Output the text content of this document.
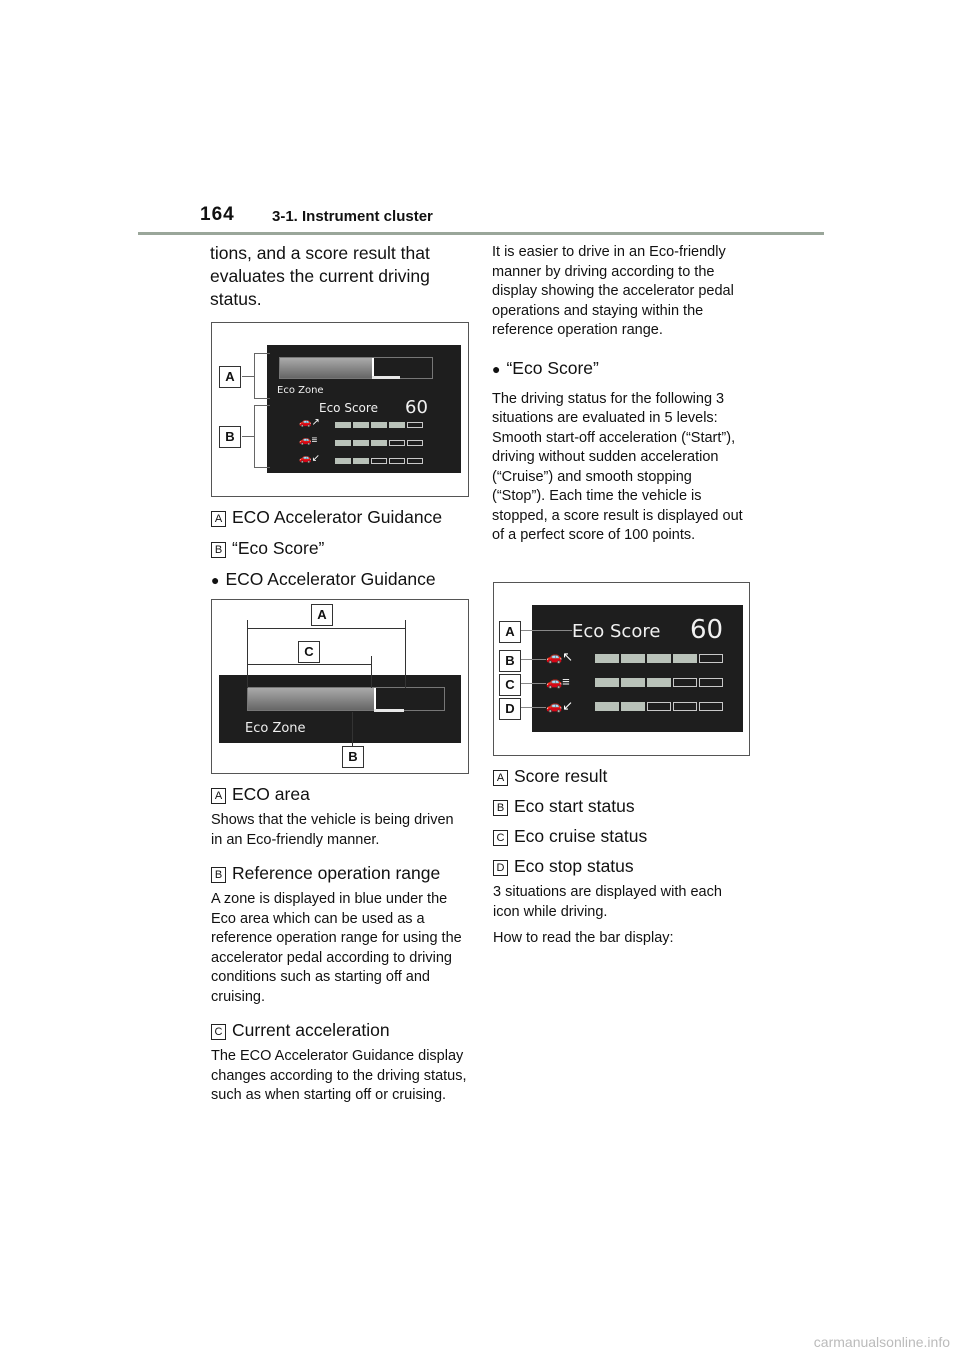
164 3-1. Instrument cluster

tions, and a score result that evaluates the current driving status.

Eco Zone
Eco Score 60
🚗↗
🚗≡
🚗↙
A
B

A ECO Accelerator Guidance

B “Eco Score”

● ECO Accelerator Guidance

Eco Zone
A
C
B

A ECO area

Shows that the vehicle is being driven in an Eco-friendly manner.

B Reference operation range

A zone is displayed in blue under the Eco area which can be used as a reference operation range for using the accelerator pedal according to driving conditions such as starting off and cruising.

C Current acceleration

The ECO Accelerator Guidance display changes according to the driving status, such as when starting off or cruising.

It is easier to drive in an Eco-friendly manner by driving according to the display showing the accelerator pedal operations and staying within the reference operation range.

● “Eco Score”

The driving status for the following 3 situations are evaluated in 5 levels: Smooth start-off acceleration (“Start”), driving without sudden acceleration (“Cruise”) and smooth stopping (“Stop”). Each time the vehicle is stopped, a score result is displayed out of a perfect score of 100 points.

Eco Score 60
🚗↖
🚗≡
🚗↙
A
B
C
D

A Score result

B Eco start status

C Eco cruise status

D Eco stop status

3 situations are displayed with each icon while driving.

How to read the bar display:

carmanualsonline.info
